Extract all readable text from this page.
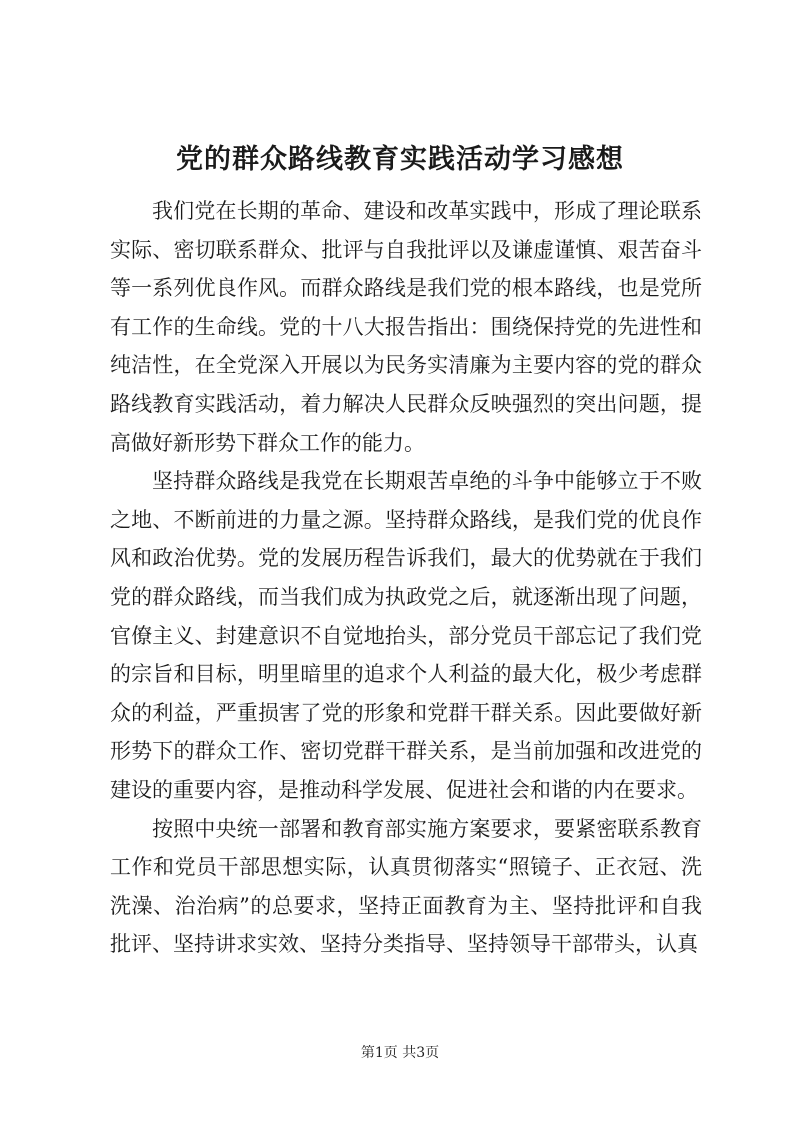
党的群众路线教育实践活动学习感想

我们党在长期的革命、建设和改革实践中，形成了理论联系实际、密切联系群众、批评与自我批评以及谦虚谨慎、艰苦奋斗等一系列优良作风。而群众路线是我们党的根本路线，也是党所有工作的生命线。党的十八大报告指出：围绕保持党的先进性和纯洁性，在全党深入开展以为民务实清廉为主要内容的党的群众路线教育实践活动，着力解决人民群众反映强烈的突出问题，提高做好新形势下群众工作的能力。

坚持群众路线是我党在长期艰苦卓绝的斗争中能够立于不败之地、不断前进的力量之源。坚持群众路线，是我们党的优良作风和政治优势。党的发展历程告诉我们，最大的优势就在于我们党的群众路线，而当我们成为执政党之后，就逐渐出现了问题，官僚主义、封建意识不自觉地抬头，部分党员干部忘记了我们党的宗旨和目标，明里暗里的追求个人利益的最大化，极少考虑群众的利益，严重损害了党的形象和党群干群关系。因此要做好新形势下的群众工作、密切党群干群关系，是当前加强和改进党的建设的重要内容，是推动科学发展、促进社会和谐的内在要求。

按照中央统一部署和教育部实施方案要求，要紧密联系教育工作和党员干部思想实际，认真贯彻落实“照镜子、正衣冠、洗洗澡、治治病”的总要求，坚持正面教育为主、坚持批评和自我批评、坚持讲求实效、坚持分类指导、坚持领导干部带头，认真

第1页 共3页
